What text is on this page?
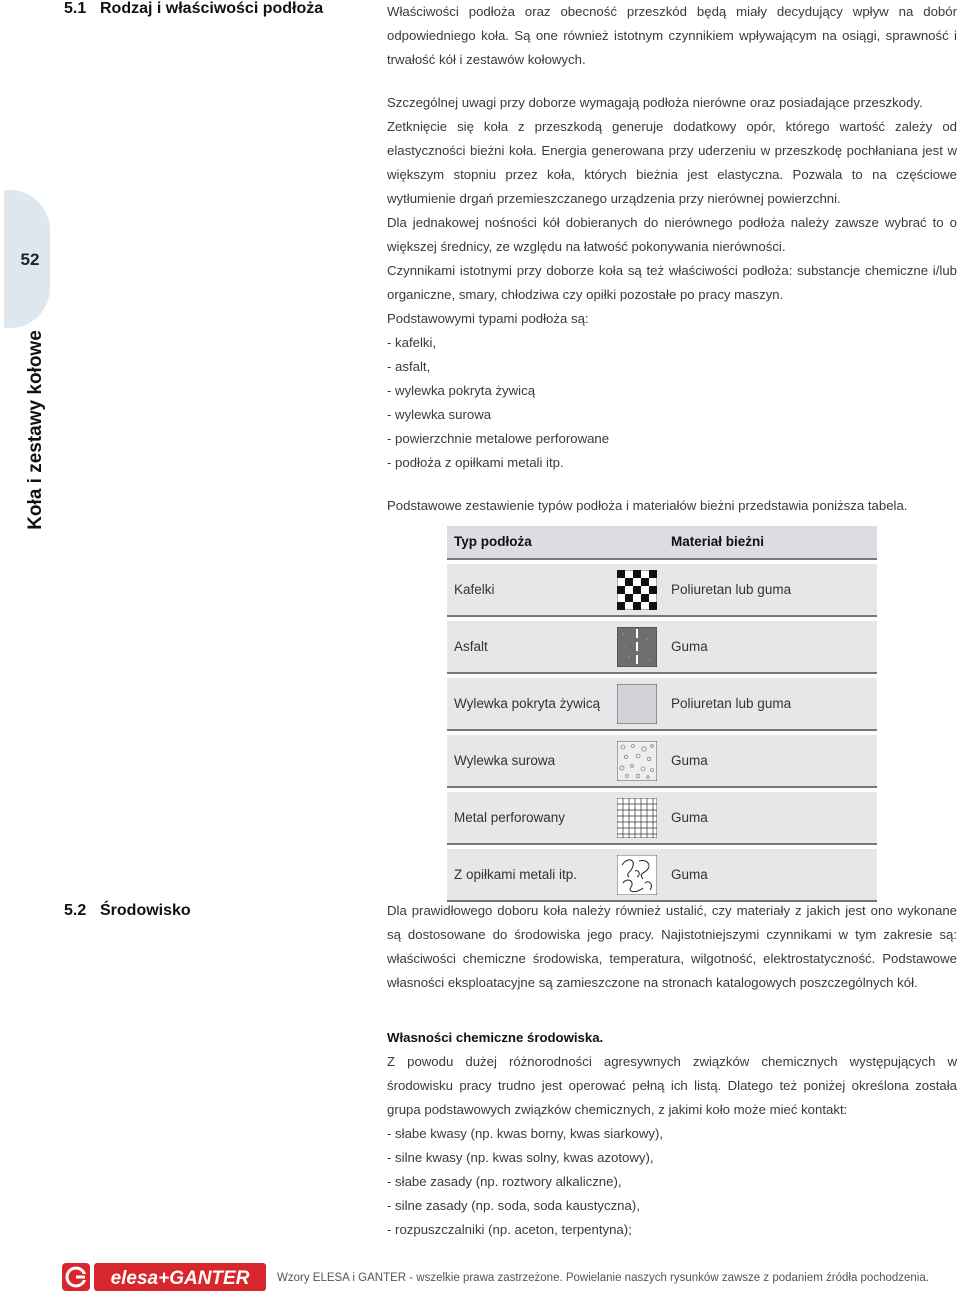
52
Koła i zestawy kołowe
5.1 Rodzaj i właściwości podłoża	Właściwości podłoża oraz obecność przeszkód będą miały decydujący wpływ na dobór odpowiedniego koła. Są one również istotnym czynnikiem wpływającym na osiągi, sprawność i trwałość kół i zestawów kołowych.

Szczególnej uwagi przy doborze wymagają podłoża nierówne oraz posiadające przeszkody.
Zetknięcie się koła z przeszkodą generuje dodatkowy opór, którego wartość zależy od elastyczności bieżni koła. Energia generowana przy uderzeniu w przeszkodę pochłaniana jest w większym stopniu przez koła, których bieżnia jest elastyczna. Pozwala to na częściowe wytłumienie drgań przemieszczanego urządzenia przy nierównej powierzchni.
Dla jednakowej nośności kół dobieranych do nierównego podłoża należy zawsze wybrać to o większej średnicy, ze względu na łatwość pokonywania nierówności.
Czynnikami istotnymi przy doborze koła są też właściwości podłoża: substancje chemiczne i/lub organiczne, smary, chłodziwa czy opiłki pozostałe po pracy maszyn.
Podstawowymi typami podłoża są:
- kafelki,
- asfalt,
- wylewka pokryta żywicą
- wylewka surowa
- powierzchnie metalowe perforowane
- podłoża z opiłkami metali itp.

Podstawowe zestawienie typów podłoża i materiałów bieżni przedstawia poniższa tabela.

Typ podłoża	Materiał bieżni
Kafelki	Poliuretan lub guma
Asfalt	Guma
Wylewka pokryta żywicą	Poliuretan lub guma
Wylewka surowa	Guma
Metal perforowany	Guma
Z opiłkami metali itp.	Guma
5.2 Środowisko	Dla prawidłowego doboru koła należy również ustalić, czy materiały z jakich jest ono wykonane są dostosowane do środowiska jego pracy. Najistotniejszymi czynnikami w tym zakresie są: właściwości chemiczne środowiska, temperatura, wilgotność, elektrostatyczność. Podstawowe własności eksploatacyjne są zamieszczone na stronach katalogowych poszczególnych kół.

Własności chemiczne środowiska.
Z powodu dużej różnorodności agresywnych związków chemicznych występujących w środowisku pracy trudno jest operować pełną ich listą. Dlatego też poniżej określona została grupa podstawowych związków chemicznych, z jakimi koło może mieć kontakt:
- słabe kwasy (np. kwas borny, kwas siarkowy),
- silne kwasy (np. kwas solny, kwas azotowy),
- słabe zasady (np. roztwory alkaliczne),
- silne zasady (np. soda, soda kaustyczna),
- rozpuszczalniki (np. aceton, terpentyna);
elesa+GANTER Wzory ELESA i GANTER - wszelkie prawa zastrzeżone. Powielanie naszych rysunków zawsze z podaniem źródła pochodzenia.
